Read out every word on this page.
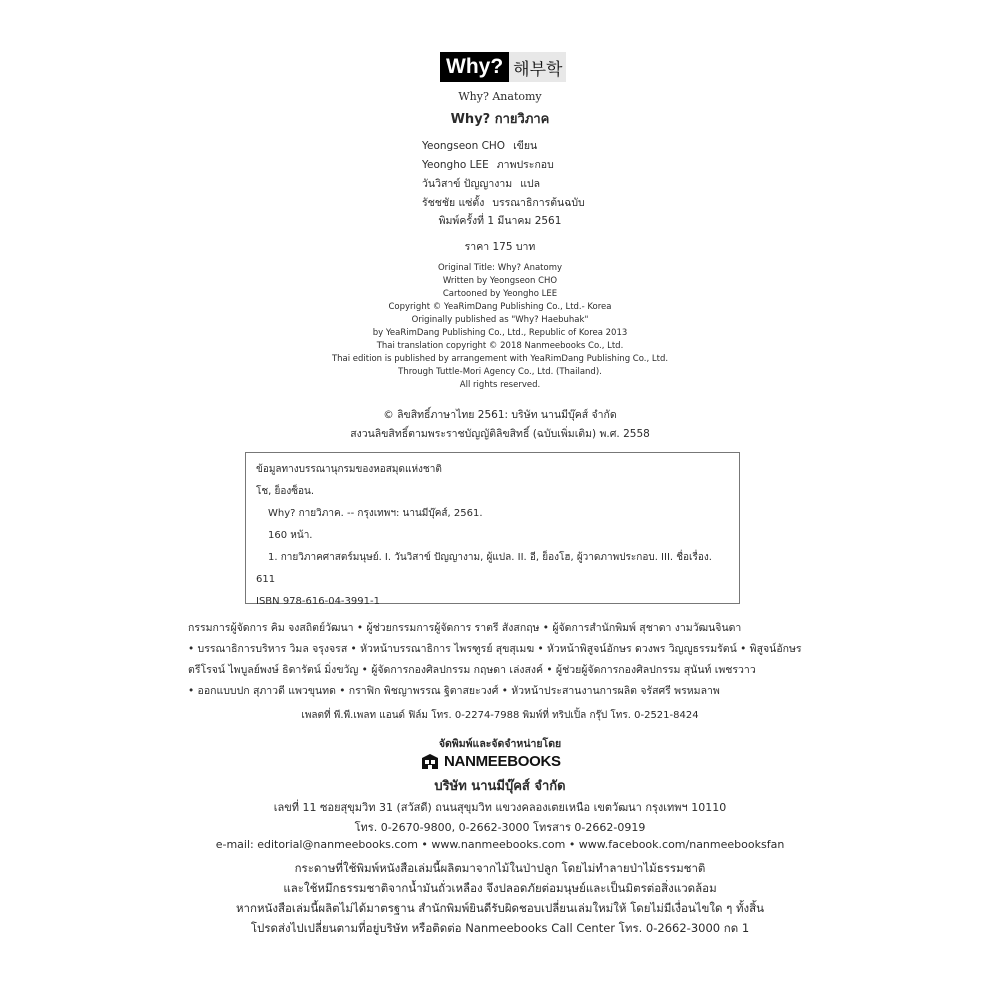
Why? 해부학
Why? Anatomy
Why? กายวิภาค
Yeongseon CHO เขียน
Yeongho LEE ภาพประกอบ
วันวิสาข์ ปัญญางาม แปล
รัชชชัย แซ่ตั้ง บรรณาธิการต้นฉบับ
พิมพ์ครั้งที่ 1 มีนาคม 2561
ราคา 175 บาท
Original Title: Why? Anatomy
Written by Yeongseon CHO
Cartooned by Yeongho LEE
Copyright © YeaRimDang Publishing Co., Ltd.- Korea
Originally published as "Why? Haebuhak"
by YeaRimDang Publishing Co., Ltd., Republic of Korea 2013
Thai translation copyright © 2018 Nanmeebooks Co., Ltd.
Thai edition is published by arrangement with YeaRimDang Publishing Co., Ltd.
Through Tuttle-Mori Agency Co., Ltd. (Thailand).
All rights reserved.
© ลิขสิทธิ์ภาษาไทย 2561: บริษัท นานมีบุ๊คส์ จำกัด
สงวนลิขสิทธิ์ตามพระราชบัญญัติลิขสิทธิ์ (ฉบับเพิ่มเติม) พ.ศ. 2558
ข้อมูลทางบรรณานุกรมของหอสมุดแห่งชาติ
โช, ย็องซ็อน.
Why? กายวิภาค. -- กรุงเทพฯ: นานมีบุ๊คส์, 2561.
160 หน้า.
1. กายวิภาคศาสตร์มนุษย์. I. วันวิสาข์ ปัญญางาม, ผู้แปล. II. อี, ย็องโฮ, ผู้วาดภาพประกอบ. III. ชื่อเรื่อง.
611
ISBN 978-616-04-3991-1
กรรมการผู้จัดการ คิม จงสถิตย์วัฒนา • ผู้ช่วยกรรมการผู้จัดการ ราตรี สังสกฤษ • ผู้จัดการสำนักพิมพ์ สุชาดา งามวัฒนจินดา
• บรรณาธิการบริหาร วิมล จรุงจรส • หัวหน้าบรรณาธิการ ไพรฑูรย์ สุขสุเมฆ • หัวหน้าพิสูจน์อักษร ดวงพร วิญญูธรรมรัตน์ • พิสูจน์อักษร
ตรีโรจน์ ไพบูลย์พงษ์ ธิดารัตน์ มิ่งขวัญ • ผู้จัดการกองศิลปกรรม กฤษดา เล่งสงค์ • ผู้ช่วยผู้จัดการกองศิลปกรรม สุนันท์ เพชรวาว
• ออกแบบปก สุภาวดี แพวขุนทด • กราฟิก พิชญาพรรณ ฐิตาสยะวงศ์ • หัวหน้าประสานงานการผลิต จรัสศรี พรหมลาพ
เพลตที่ พี.พี.เพลท แอนด์ ฟิล์ม โทร. 0-2274-7988 พิมพ์ที่ ทริปเปิ้ล กรุ๊ป โทร. 0-2521-8424
จัดพิมพ์และจัดจำหน่ายโดย
NANMEEBOOKS
บริษัท นานมีบุ๊คส์ จำกัด
เลขที่ 11 ซอยสุขุมวิท 31 (สวัสดี) ถนนสุขุมวิท แขวงคลองเตยเหนือ เขตวัฒนา กรุงเทพฯ 10110
โทร. 0-2670-9800, 0-2662-3000 โทรสาร 0-2662-0919
e-mail: editorial@nanmeebooks.com • www.nanmeebooks.com • www.facebook.com/nanmeebooksfan
กระดาษที่ใช้พิมพ์หนังสือเล่มนี้ผลิตมาจากไม้ในป่าปลูก โดยไม่ทำลายป่าไม้ธรรมชาติ
และใช้หมึกธรรมชาติจากน้ำมันถั่วเหลือง จึงปลอดภัยต่อมนุษย์และเป็นมิตรต่อสิ่งแวดล้อม
หากหนังสือเล่มนี้ผลิตไม่ได้มาตรฐาน สำนักพิมพ์ยินดีรับผิดชอบเปลี่ยนเล่มใหม่ให้ โดยไม่มีเงื่อนไขใด ๆ ทั้งสิ้น
โปรดส่งไปเปลี่ยนตามที่อยู่บริษัท หรือติดต่อ Nanmeebooks Call Center โทร. 0-2662-3000 กด 1
